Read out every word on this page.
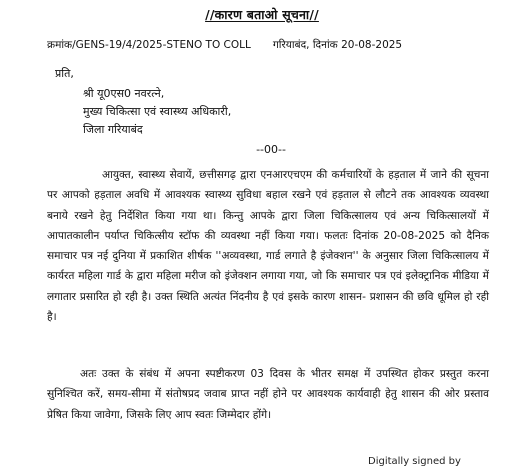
//कारण बताओ सूचना//
क्रमांक/GENS-19/4/2025-STENO TO COLL गरियाबंद, दिनांक 20-08-2025
प्रति,
श्री यू0एस0 नवरत्ने,
मुख्य चिकित्सा एवं स्वास्थ्य अधिकारी,
जिला गरियाबंद
--00--

आयुक्त, स्वास्थ्य सेवायें, छत्तीसगढ़ द्वारा एनआरएचएम की कर्मचारियों के हड़ताल में जाने की सूचना पर आपको हड़ताल अवधि में आवश्यक स्वास्थ्य सुविधा बहाल रखने एवं हड़ताल से लौटने तक आवश्यक व्यवस्था बनाये रखने हेतु निर्देशित किया गया था। किन्तु आपके द्वारा जिला चिकित्सालय एवं अन्य चिकित्सालयों में आपातकालीन पर्याप्त चिकित्सीय स्टॉफ की व्यवस्था नहीं किया गया। फलतः दिनांक 20-08-2025 को दैनिक समाचार पत्र नई दुनिया में प्रकाशित शीर्षक ''अव्यवस्था, गार्ड लगाते है इंजेक्शन'' के अनुसार जिला चिकित्सालय में कार्यरत महिला गार्ड के द्वारा महिला मरीज को इंजेक्शन लगाया गया, जो कि समाचार पत्र एवं इलेक्ट्रानिक मीडिया में लगातार प्रसारित हो रही है। उक्त स्थिति अत्यंत निंदनीय है एवं इसके कारण शासन- प्रशासन की छवि धूमिल हो रही है।

अतः उक्त के संबंध में अपना स्पष्टीकरण 03 दिवस के भीतर समक्ष में उपस्थित होकर प्रस्तुत करना सुनिश्चित करें, समय-सीमा में संतोषप्रद जवाब प्राप्त नहीं होने पर आवश्यक कार्यवाही हेतु शासन की ओर प्रस्ताव प्रेषित किया जावेगा, जिसके लिए आप स्वतः जिम्मेदार होंगे।

Digitally signed by
